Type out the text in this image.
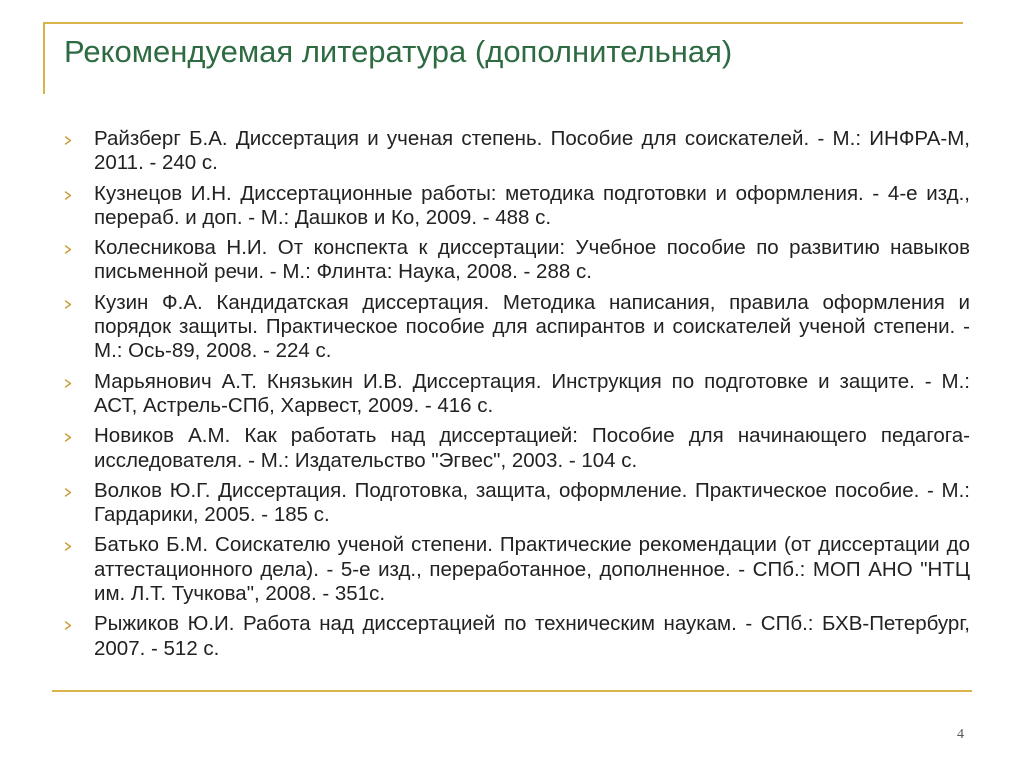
Рекомендуемая литература (дополнительная)
Райзберг Б.А. Диссертация и ученая степень. Пособие для соискателей. - М.: ИНФРА-М, 2011. - 240 с.
Кузнецов И.Н. Диссертационные работы: методика подготовки и оформления. - 4-е изд., перераб. и доп. - М.: Дашков и Ко, 2009. - 488 с.
Колесникова Н.И. От конспекта к диссертации: Учебное пособие по развитию навыков письменной речи. - М.: Флинта: Наука, 2008. - 288 с.
Кузин Ф.А. Кандидатская диссертация. Методика написания, правила оформления и порядок защиты. Практическое пособие для аспирантов и соискателей ученой степени. - М.: Ось-89, 2008. - 224 с.
Марьянович А.Т. Князькин И.В. Диссертация. Инструкция по подготовке и защите. - М.: АСТ, Астрель-СПб, Харвест, 2009. - 416 с.
Новиков А.М. Как работать над диссертацией: Пособие для начинающего педагога-исследователя. - М.: Издательство "Эгвес", 2003. - 104 с.
Волков Ю.Г. Диссертация. Подготовка, защита, оформление. Практическое пособие. - М.: Гардарики, 2005. - 185 с.
Батько Б.М. Соискателю ученой степени. Практические рекомендации (от диссертации до аттестационного дела). - 5-е изд., переработанное, дополненное. - СПб.: МОП АНО "НТЦ им. Л.Т. Тучкова", 2008. - 351с.
Рыжиков Ю.И. Работа над диссертацией по техническим наукам. - СПб.: БХВ-Петербург, 2007. - 512 с.
4
